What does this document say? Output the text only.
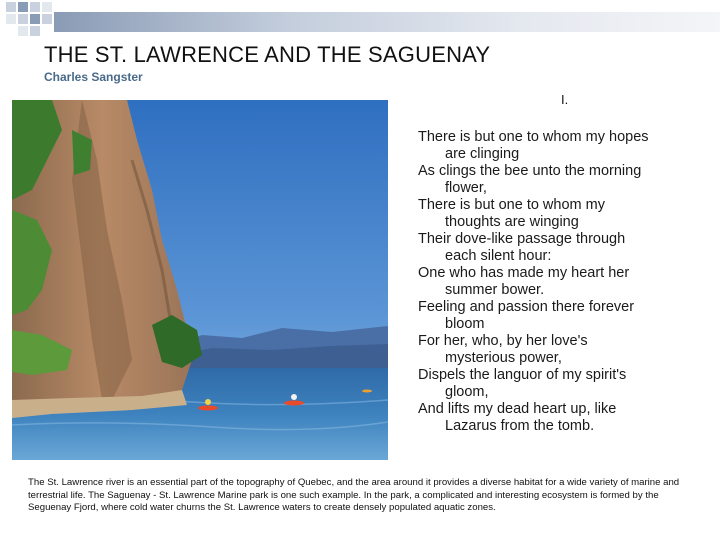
THE ST. LAWRENCE AND THE SAGUENAY
Charles Sangster
I.

There is but one to whom my hopes
are clinging

As clings the bee unto the morning
flower,

There is but one to whom my
thoughts are winging

Their dove-like passage through
each silent hour:

One who has made my heart her
summer bower.

Feeling and passion there forever
bloom

For her, who, by her love's
mysterious power,

Dispels the languor of my spirit's
gloom,

And lifts my dead heart up, like
Lazarus from the tomb.

The St. Lawrence river is an essential part of the topography of Quebec, and the area around it provides a diverse habitat for a wide variety of marine and terrestrial life. The Saguenay - St. Lawrence Marine park is one such example. In the park, a complicated and interesting ecosystem is formed by the Seguenay Fjord, where cold water churns the St. Lawrence waters to create densely populated aquatic zones.
